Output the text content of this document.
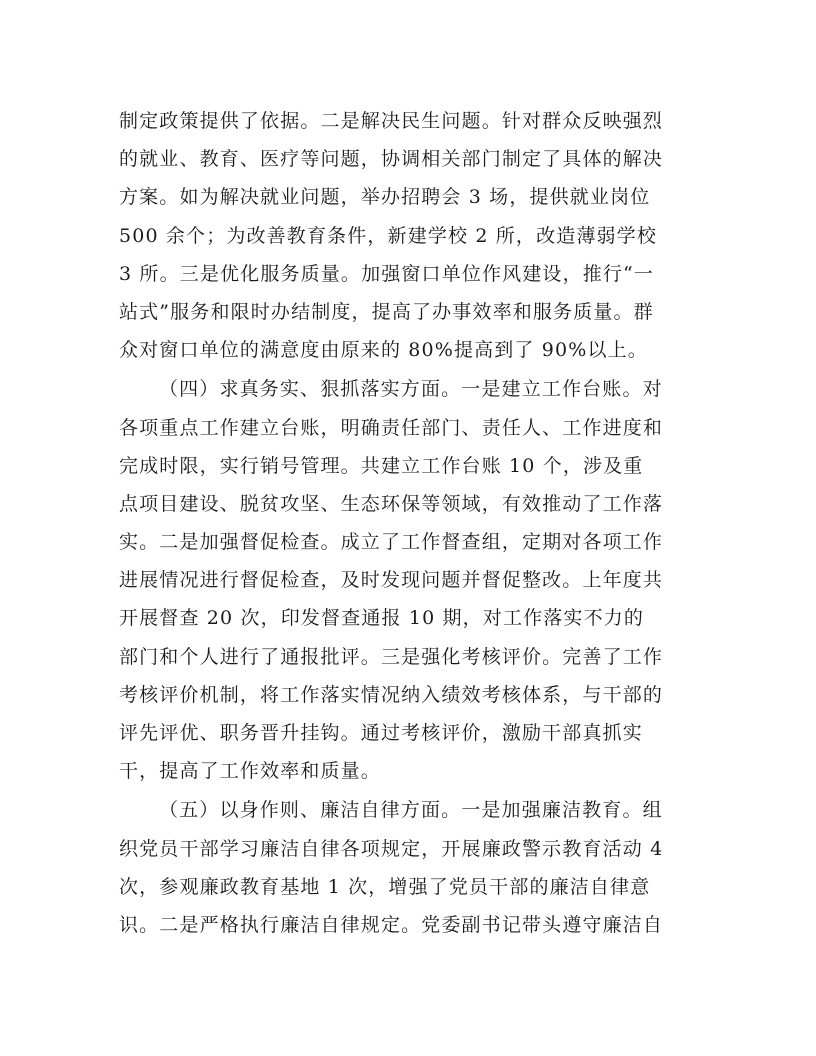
制定政策提供了依据。二是解决民生问题。针对群众反映强烈
的就业、教育、医疗等问题，协调相关部门制定了具体的解决
方案。如为解决就业问题，举办招聘会 3 场，提供就业岗位
500 余个；为改善教育条件，新建学校 2 所，改造薄弱学校
3 所。三是优化服务质量。加强窗口单位作风建设，推行“一
站式”服务和限时办结制度，提高了办事效率和服务质量。群
众对窗口单位的满意度由原来的 80%提高到了 90%以上。
（四）求真务实、狠抓落实方面。一是建立工作台账。对
各项重点工作建立台账，明确责任部门、责任人、工作进度和
完成时限，实行销号管理。共建立工作台账 10 个，涉及重
点项目建设、脱贫攻坚、生态环保等领域，有效推动了工作落
实。二是加强督促检查。成立了工作督查组，定期对各项工作
进展情况进行督促检查，及时发现问题并督促整改。上年度共
开展督查 20 次，印发督查通报 10 期，对工作落实不力的
部门和个人进行了通报批评。三是强化考核评价。完善了工作
考核评价机制，将工作落实情况纳入绩效考核体系，与干部的
评先评优、职务晋升挂钩。通过考核评价，激励干部真抓实
干，提高了工作效率和质量。
（五）以身作则、廉洁自律方面。一是加强廉洁教育。组
织党员干部学习廉洁自律各项规定，开展廉政警示教育活动 4
次，参观廉政教育基地 1 次，增强了党员干部的廉洁自律意
识。二是严格执行廉洁自律规定。党委副书记带头遵守廉洁自
